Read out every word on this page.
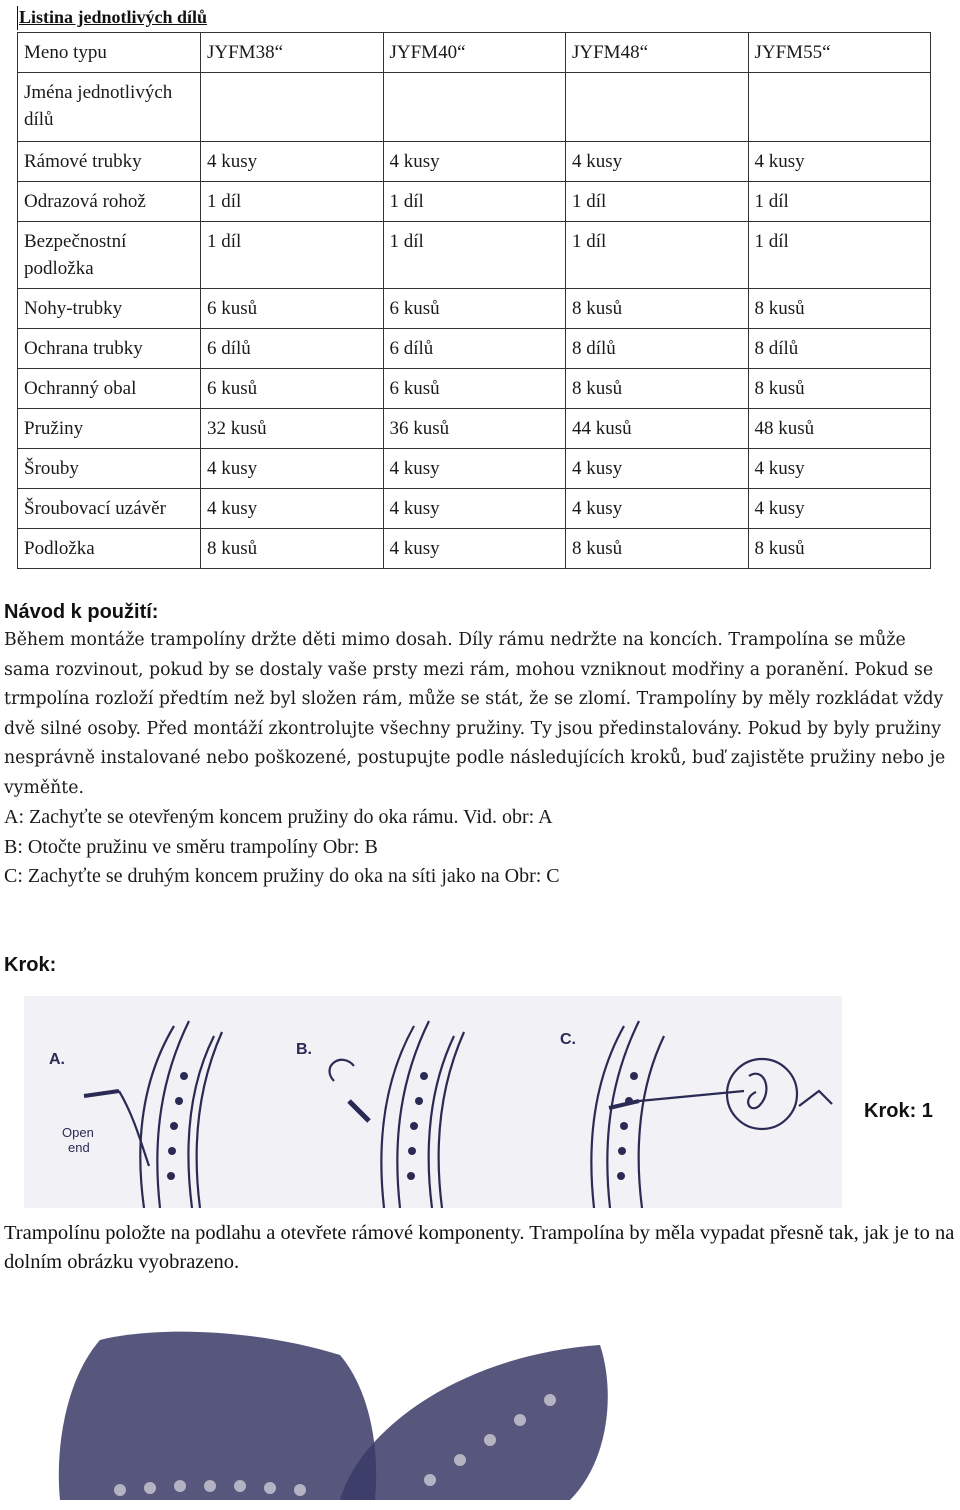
Listina jednotlivých dílů
Meno typu	JYFM38“	JYFM40“	JYFM48“	JYFM55“
Jména jednotlivých dílů				
Rámové trubky	4 kusy	4 kusy	4 kusy	4 kusy
Odrazová rohož	1 díl	1 díl	1 díl	1 díl
Bezpečnostní podložka	1 díl	1 díl	1 díl	1 díl
Nohy-trubky	6 kusů	6 kusů	8 kusů	8 kusů
Ochrana trubky	6 dílů	6 dílů	8 dílů	8 dílů
Ochranný obal	6 kusů	6 kusů	8 kusů	8 kusů
Pružiny	32 kusů	36 kusů	44 kusů	48 kusů
Šrouby	4 kusy	4 kusy	4 kusy	4 kusy
Šroubovací uzávěr	4 kusy	4 kusy	4 kusy	4 kusy
Podložka	8 kusů	4 kusy	8 kusů	8 kusů

Návod k použití:

Během montáže trampolíny držte děti mimo dosah. Díly rámu nedržte na koncích. Trampolína se může sama rozvinout, pokud by se dostaly vaše prsty mezi rám, mohou vzniknout modřiny a poranění. Pokud se trmpolína rozloží předtím než byl složen rám, může se stát, že se zlomí. Trampolíny by měly rozkládat vždy dvě silné osoby. Před montáží zkontrolujte všechny pružiny. Ty jsou předinstalovány. Pokud by byly pružiny nesprávně instalované nebo poškozené, postupujte podle následujících kroků, buď zajistěte pružiny nebo je vyměňte.

A: Zachyťte se otevřeným koncem pružiny do oka rámu. Vid. obr: A

B: Otočte pružinu ve směru trampolíny Obr: B

C: Zachyťte se druhým koncem pružiny do oka na síti jako na Obr: C

Krok:
A.
B.
C.
Open
end
Krok: 1
Trampolínu položte na podlahu a otevřete rámové komponenty. Trampolína by měla vypadat přesně tak, jak je to na dolním obrázku vyobrazeno.
